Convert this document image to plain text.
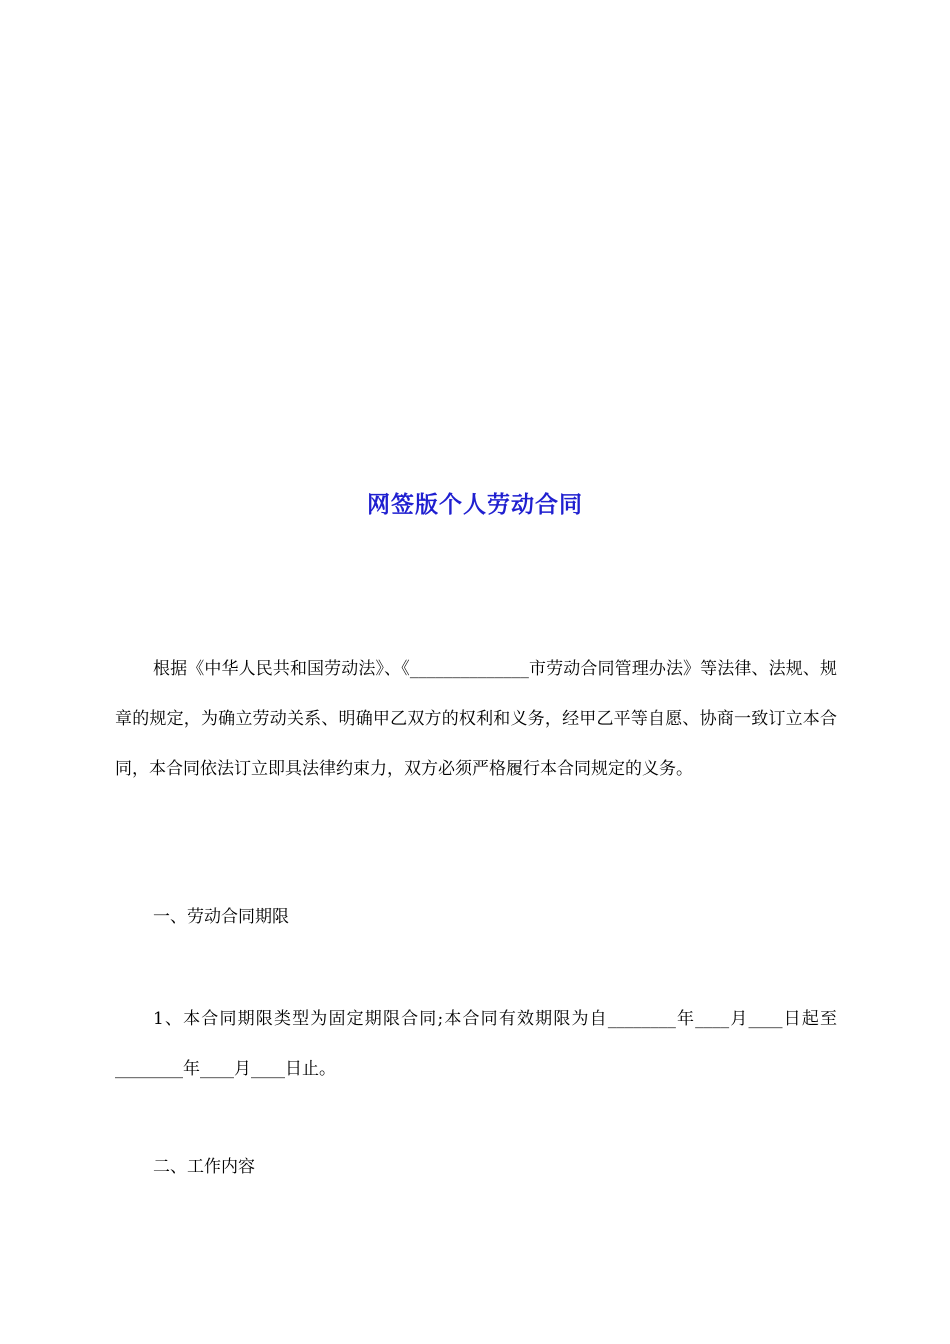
网签版个人劳动合同
根据《中华人民共和国劳动法》、《______________市劳动合同管理办法》等法律、法规、规章的规定，为确立劳动关系、明确甲乙双方的权利和义务，经甲乙平等自愿、协商一致订立本合同，本合同依法订立即具法律约束力，双方必须严格履行本合同规定的义务。
一、劳动合同期限
1、本合同期限类型为固定期限合同;本合同有效期限为自________年____月____日起至________年____月____日止。
二、工作内容
